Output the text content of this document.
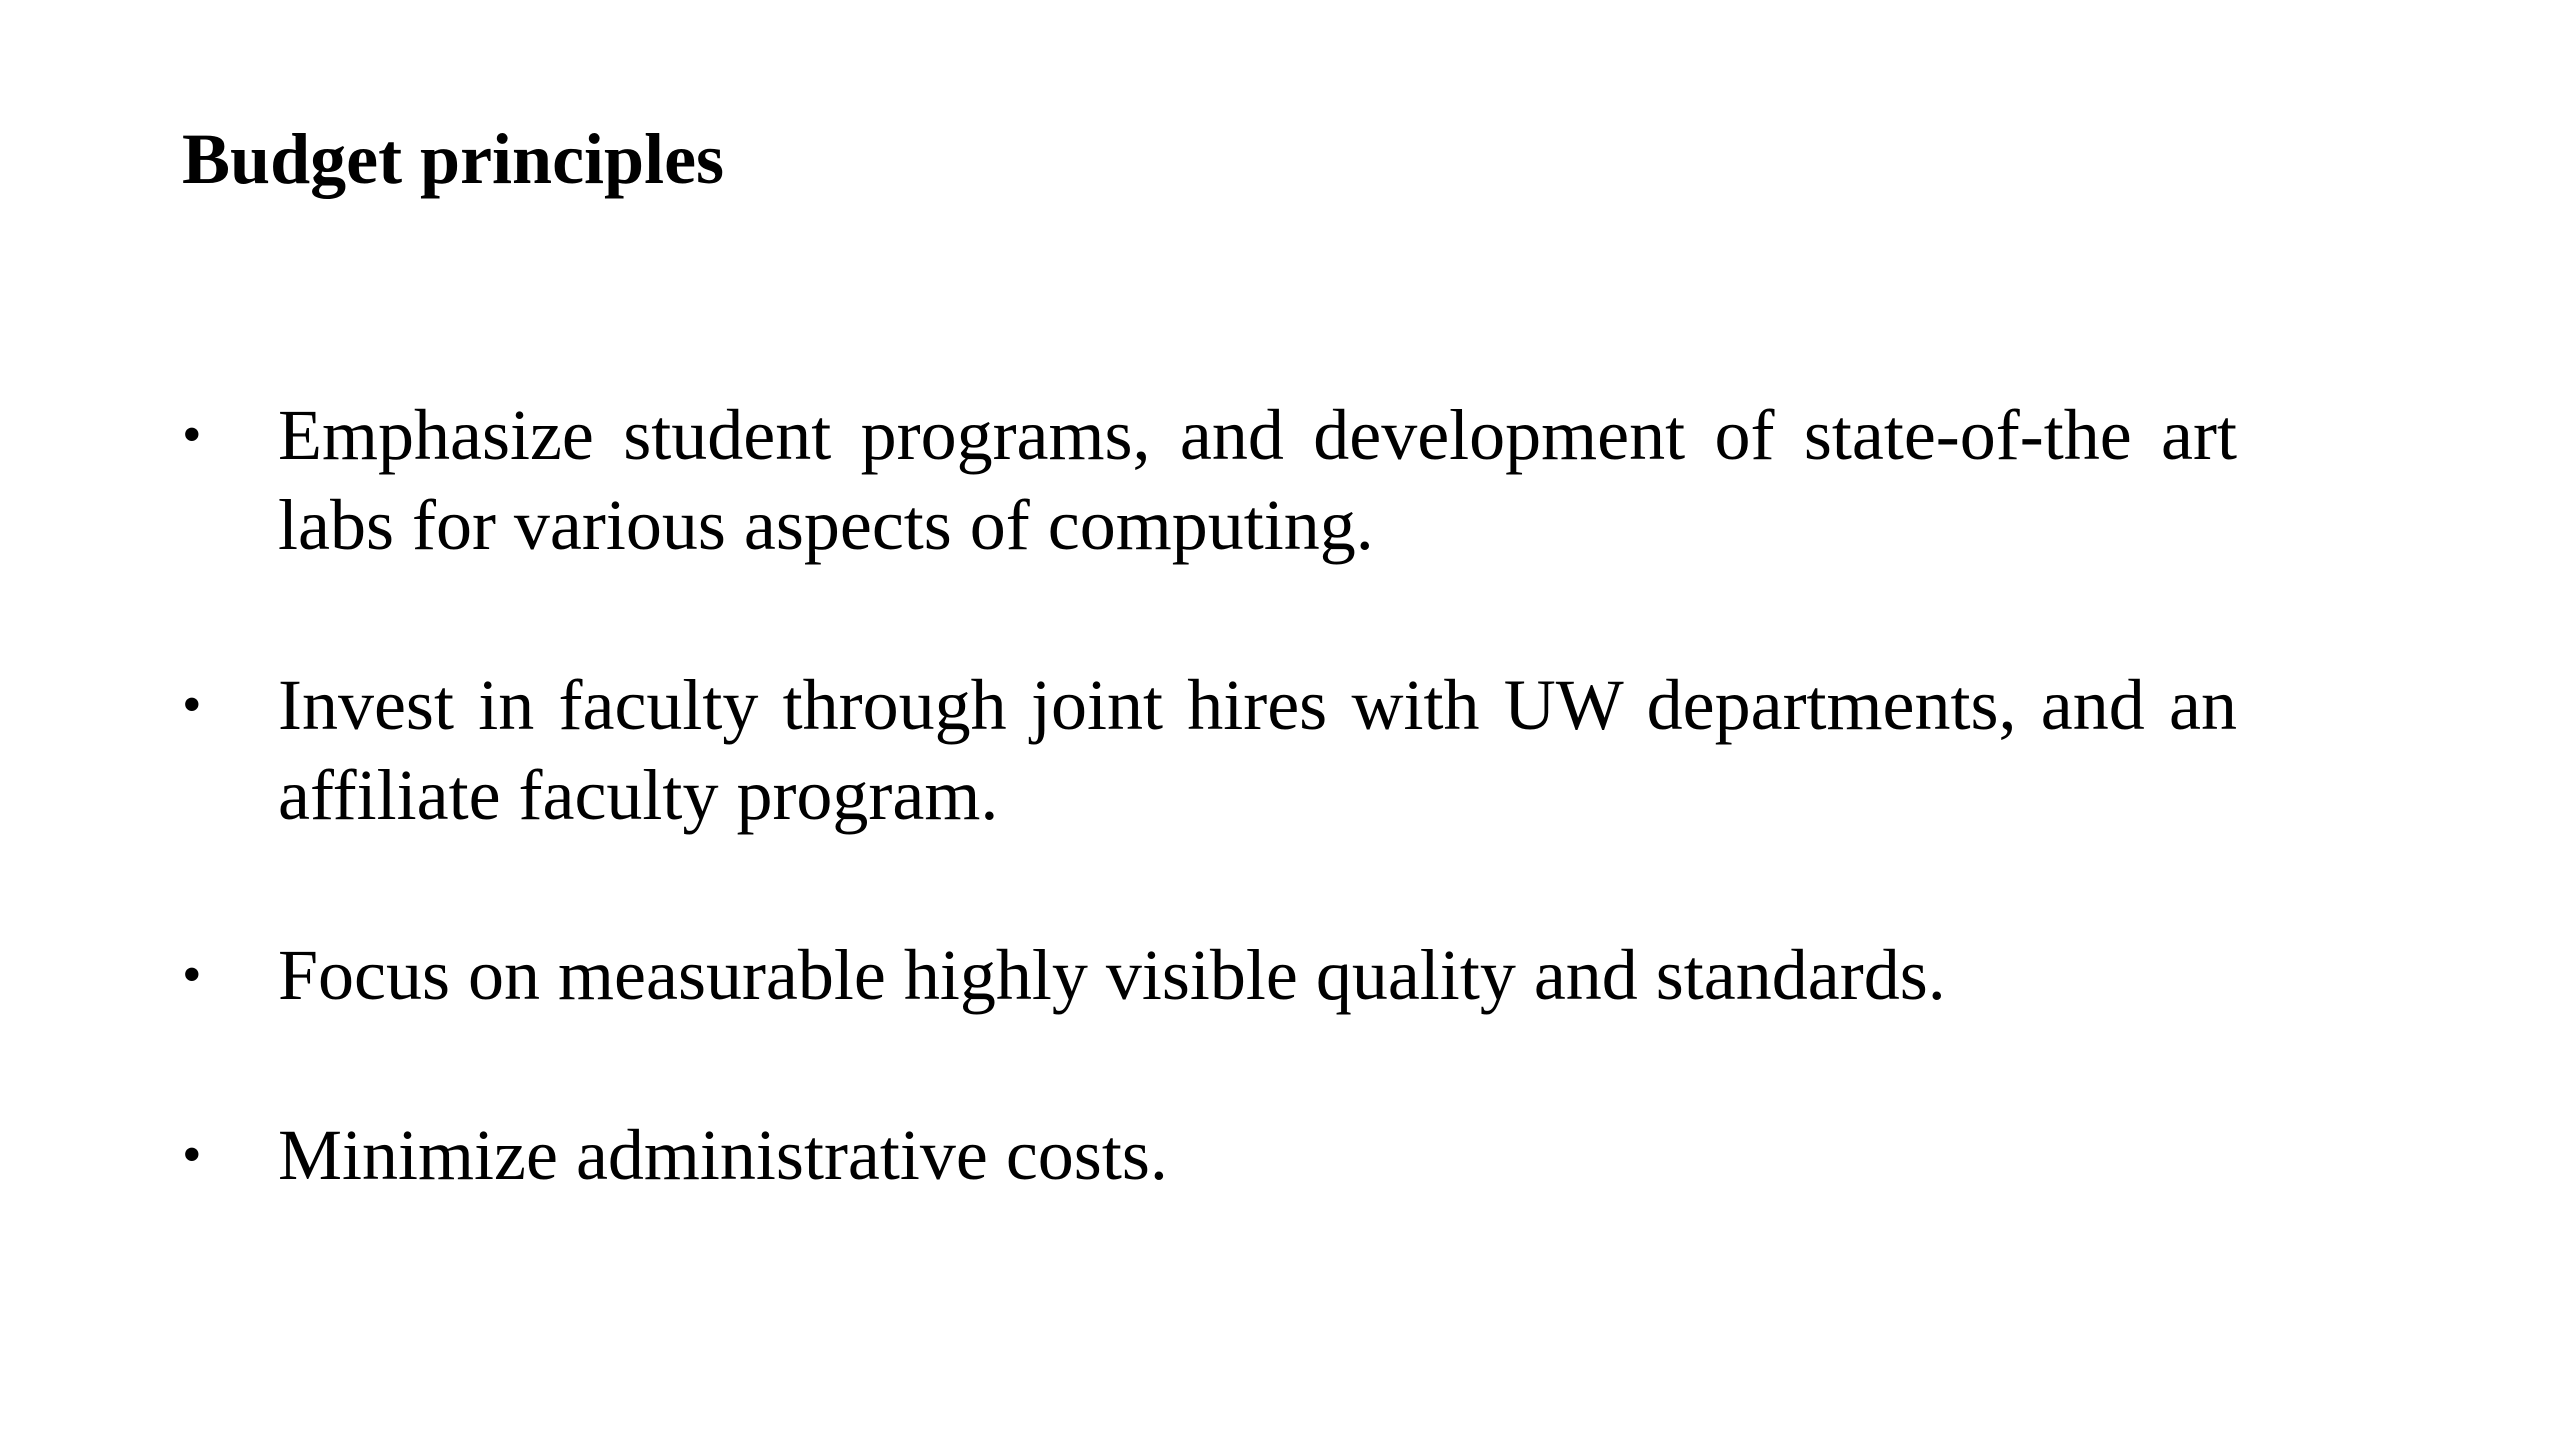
Budget principles
• Emphasize student programs, and development of state-of-the art labs for various aspects of computing.
• Invest in faculty through joint hires with UW departments, and an affiliate faculty program.
• Focus on measurable highly visible quality and standards.
• Minimize administrative costs.
